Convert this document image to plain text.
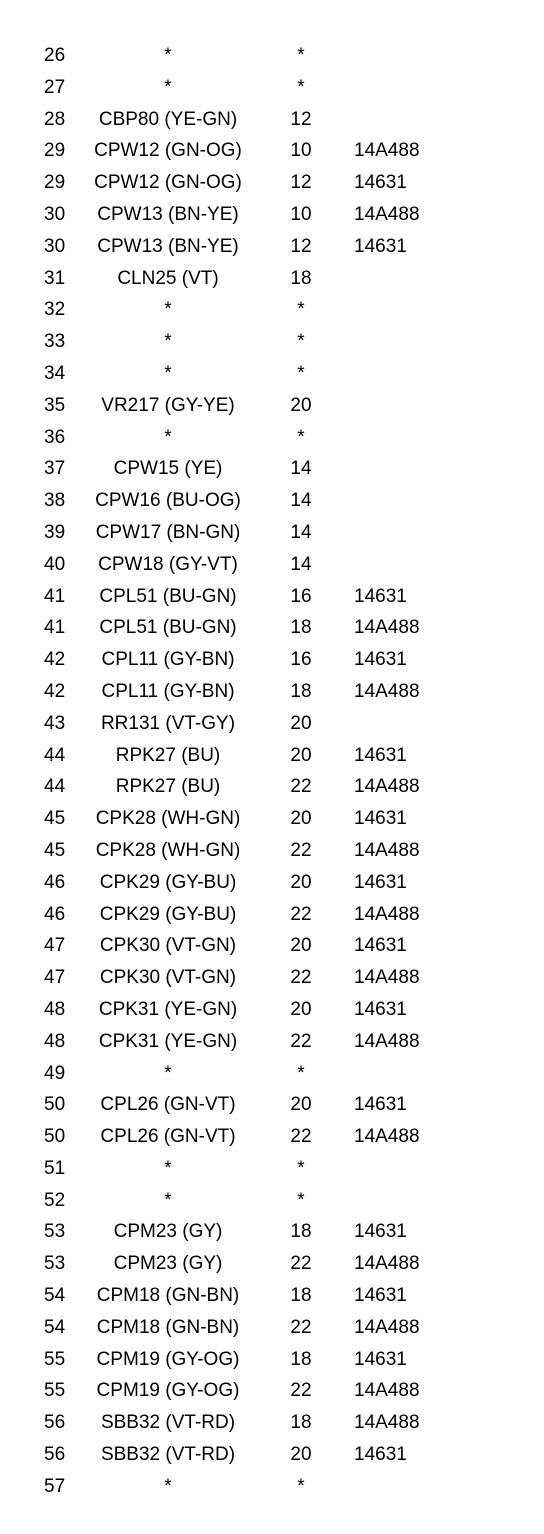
26	*	*
27	*	*
28 CBP80 (YE-GN)	12
29 CPW12 (GN-OG)	10 14A488
29 CPW12 (GN-OG)	12 14631
30 CPW13 (BN-YE)	10 14A488
30 CPW13 (BN-YE)	12 14631
31	CLN25 (VT)	18
32	*	*
33	*	*
34	*	*
35 VR217 (GY-YE)	20
36	*	*
37	CPW15 (YE)	14
38 CPW16 (BU-OG)	14
39 CPW17 (BN-GN)	14
40 CPW18 (GY-VT)	14
41 CPL51 (BU-GN)	16 14631
41 CPL51 (BU-GN)	18 14A488
42 CPL11 (GY-BN)	16 14631
42 CPL11 (GY-BN)	18 14A488
43 RR131 (VT-GY)	20
44	RPK27 (BU)	20 14631
44	RPK27 (BU)	22 14A488
45 CPK28 (WH-GN)	20 14631
45 CPK28 (WH-GN)	22 14A488
46 CPK29 (GY-BU)	20 14631
46 CPK29 (GY-BU)	22 14A488
47 CPK30 (VT-GN)	20 14631
47 CPK30 (VT-GN)	22 14A488
48 CPK31 (YE-GN)	20 14631
48 CPK31 (YE-GN)	22 14A488
49	*	*
50 CPL26 (GN-VT)	20 14631
50 CPL26 (GN-VT)	22 14A488
51	*	*
52	*	*
53	CPM23 (GY)	18 14631
53	CPM23 (GY)	22 14A488
54 CPM18 (GN-BN)	18 14631
54 CPM18 (GN-BN)	22 14A488
55 CPM19 (GY-OG)	18 14631
55 CPM19 (GY-OG)	22 14A488
56 SBB32 (VT-RD)	18 14A488
56 SBB32 (VT-RD)	20 14631
57	*	*
